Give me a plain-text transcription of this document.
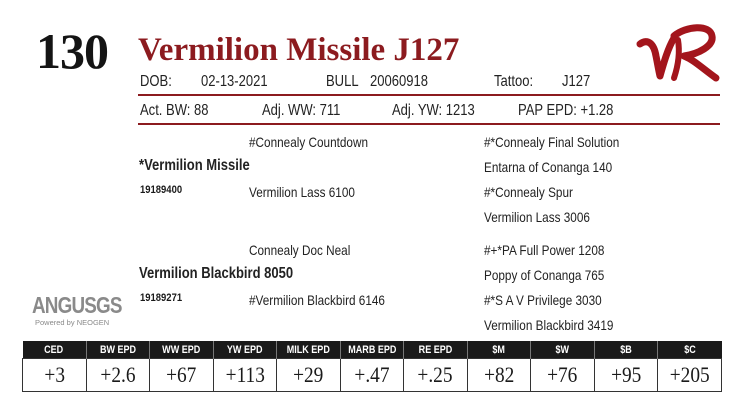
130 Vermilion Missile J127
DOB: 02-13-2021	BULL 20060918	Tattoo: J127
Act. BW: 88	Adj. WW: 711	Adj. YW: 1213	PAP EPD: +1.28
#Connealy Countdown
*Vermilion Missile
19189400	Vermilion Lass 6100
#*Connealy Final Solution
Entarna of Conanga 140
#*Connealy Spur
Vermilion Lass 3006
Connealy Doc Neal
Vermilion Blackbird 8050
19189271	#Vermilion Blackbird 6146
#+*PA Full Power 1208
Poppy of Conanga 765
#*S A V Privilege 3030
Vermilion Blackbird 3419
ANGUSGS
Powered by NEOGEN
CED	BW EPD	WW EPD	YW EPD	MILK EPD	MARB EPD	RE EPD	$M	$W	$B	$C
+3	+2.6	+67	+113	+29	+.47	+.25	+82	+76	+95	+205
